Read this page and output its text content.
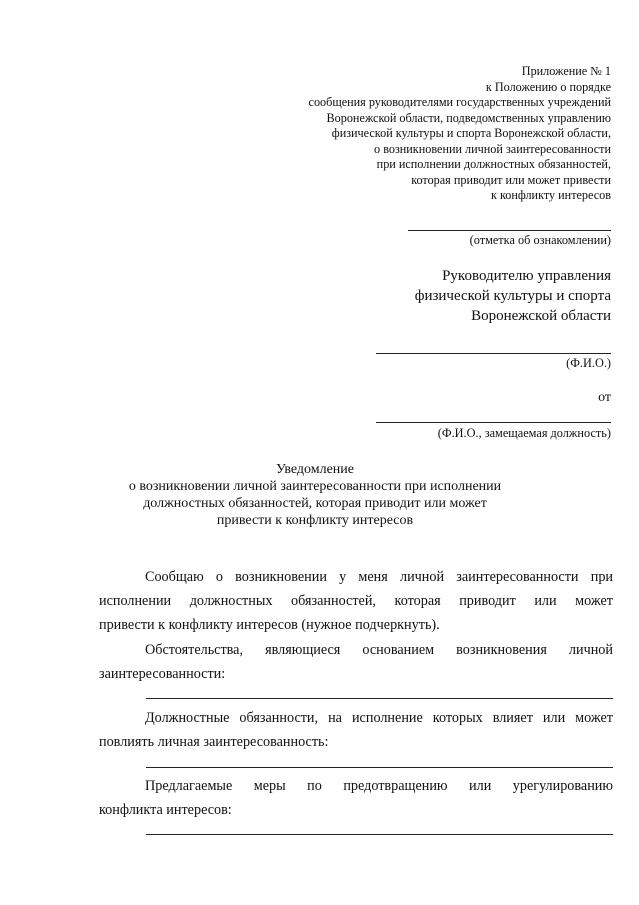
Приложение № 1
к Положению о порядке
сообщения руководителями государственных учреждений
Воронежской области, подведомственных управлению
физической культуры и спорта Воронежской области,
о возникновении личной заинтересованности
при исполнении должностных обязанностей,
которая приводит или может привести
к конфликту интересов
(отметка об ознакомлении)
Руководителю управления
физической культуры и спорта
Воронежской области
(Ф.И.О.)
от
(Ф.И.О., замещаемая должность)
Уведомление
о возникновении личной заинтересованности при исполнении
должностных обязанностей, которая приводит или может
привести к конфликту интересов
Сообщаю о возникновении у меня личной заинтересованности при
исполнении должностных обязанностей, которая приводит или может
привести к конфликту интересов (нужное подчеркнуть).
Обстоятельства, являющиеся основанием возникновения личной
заинтересованности:
Должностные обязанности, на исполнение которых влияет или может
повлиять личная заинтересованность:
Предлагаемые меры по предотвращению или урегулированию
конфликта интересов:
